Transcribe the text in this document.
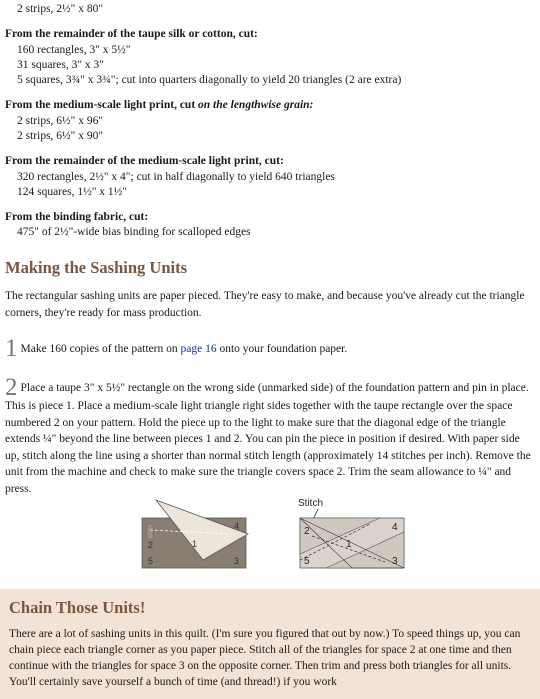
2 strips, 2½" x 80"
From the remainder of the taupe silk or cotton, cut:
160 rectangles, 3" x 5½"
31 squares, 3" x 3"
5 squares, 3¾" x 3¾"; cut into quarters diagonally to yield 20 triangles (2 are extra)
From the medium-scale light print, cut on the lengthwise grain:
2 strips, 6½" x 96"
2 strips, 6½" x 90"
From the remainder of the medium-scale light print, cut:
320 rectangles, 2½" x 4"; cut in half diagonally to yield 640 triangles
124 squares, 1½" x 1½"
From the binding fabric, cut:
475" of 2½"-wide bias binding for scalloped edges
Making the Sashing Units
The rectangular sashing units are paper pieced. They're easy to make, and because you've already cut the triangle corners, they're ready for mass production.
1 Make 160 copies of the pattern on page 16 onto your foundation paper.
2 Place a taupe 3" x 5½" rectangle on the wrong side (unmarked side) of the foundation pattern and pin in place. This is piece 1. Place a medium-scale light triangle right sides together with the taupe rectangle over the space numbered 2 on your pattern. Hold the piece up to the light to make sure that the diagonal edge of the triangle extends ¼" beyond the line between pieces 1 and 2. You can pin the piece in position if desired. With paper side up, stitch along the line using a shorter than normal stitch length (approximately 14 stitches per inch). Remove the unit from the machine and check to make sure the triangle covers space 2. Trim the seam allowance to ¼" and press.
4
2	1
5	3
Stitch
2	4
1
5	3
Chain Those Units!
There are a lot of sashing units in this quilt. (I'm sure you figured that out by now.) To speed things up, you can chain piece each triangle corner as you paper piece. Stitch all of the triangles for space 2 at one time and then continue with the triangles for space 3 on the opposite corner. Then trim and press both triangles for all units. You'll certainly save yourself a bunch of time (and thread!) if you work
